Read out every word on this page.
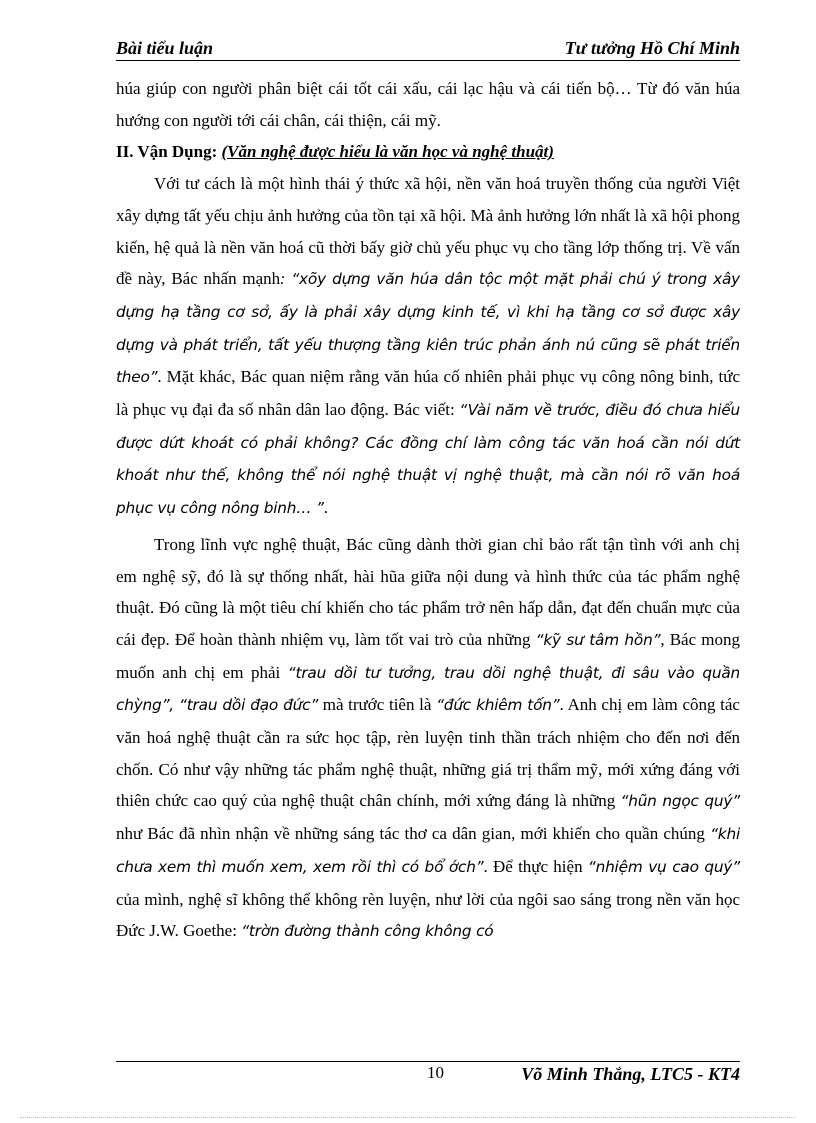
Bài tiểu luận	Tư tưởng Hồ Chí Minh

húa giúp con người phân biệt cái tốt cái xấu, cái lạc hậu và cái tiến bộ… Từ đó văn húa hướng con người tới cái chân, cái thiện, cái mỹ.

II. Vận Dụng: (Văn nghệ được hiểu là văn học và nghệ thuật)

Với tư cách là một hình thái ý thức xã hội, nền văn hoá truyền thống của người Việt xây dựng tất yếu chịu ảnh hưởng của tồn tại xã hội. Mà ảnh hưởng lớn nhất là xã hội phong kiến, hệ quả là nền văn hoá cũ thời bấy giờ chủ yếu phục vụ cho tầng lớp thống trị. Về vấn đề này, Bác nhấn mạnh: “xõy dựng văn húa dân tộc một mặt phải chú ý trong xây dựng hạ tầng cơ sở, ấy là phải xây dựng kinh tế, vì khi hạ tầng cơ sở được xây dựng và phát triển, tất yếu thượng tầng kiên trúc phản ánh nú cũng sẽ phát triển theo”. Mặt khác, Bác quan niệm rằng văn húa cố nhiên phải phục vụ công nông binh, tức là phục vụ đại đa số nhân dân lao động. Bác viết: “Vài năm về trước, điều đó chưa hiểu được dứt khoát có phải không? Các đồng chí làm công tác văn hoá cần nói dứt khoát như thế, không thể nói nghệ thuật vị nghệ thuật, mà cần nói rõ văn hoá phục vụ công nông binh… ”.

Trong lĩnh vực nghệ thuật, Bác cũng dành thời gian chỉ bảo rất tận tình với anh chị em nghệ sỹ, đó là sự thống nhất, hài hũa giữa nội dung và hình thức của tác phẩm nghệ thuật. Đó cũng là một tiêu chí khiến cho tác phẩm trở nên hấp dẫn, đạt đến chuẩn mực của cái đẹp. Để hoàn thành nhiệm vụ, làm tốt vai trò của những “kỹ sư tâm hồn”, Bác mong muốn anh chị em phải “trau dồi tư tưởng, trau dồi nghệ thuật, đi sâu vào quần chỳng”, “trau dồi đạo đức” mà trước tiên là “đức khiêm tốn”. Anh chị em làm công tác văn hoá nghệ thuật cần ra sức học tập, rèn luyện tinh thần trách nhiệm cho đến nơi đến chốn. Có như vậy những tác phẩm nghệ thuật, những giá trị thẩm mỹ, mới xứng đáng với thiên chức cao quý của nghệ thuật chân chính, mới xứng đáng là những “hũn ngọc quý” như Bác đã nhìn nhận về những sáng tác thơ ca dân gian, mới khiến cho quần chúng “khi chưa xem thì muốn xem, xem rồi thì có bổ ớch”. Để thực hiện “nhiệm vụ cao quý” của mình, nghệ sĩ không thể không rèn luyện, như lời của ngôi sao sáng trong nền văn học Đức J.W. Goethe: “trờn đường thành công không có

10	Võ Minh Thắng, LTC5 - KT4
